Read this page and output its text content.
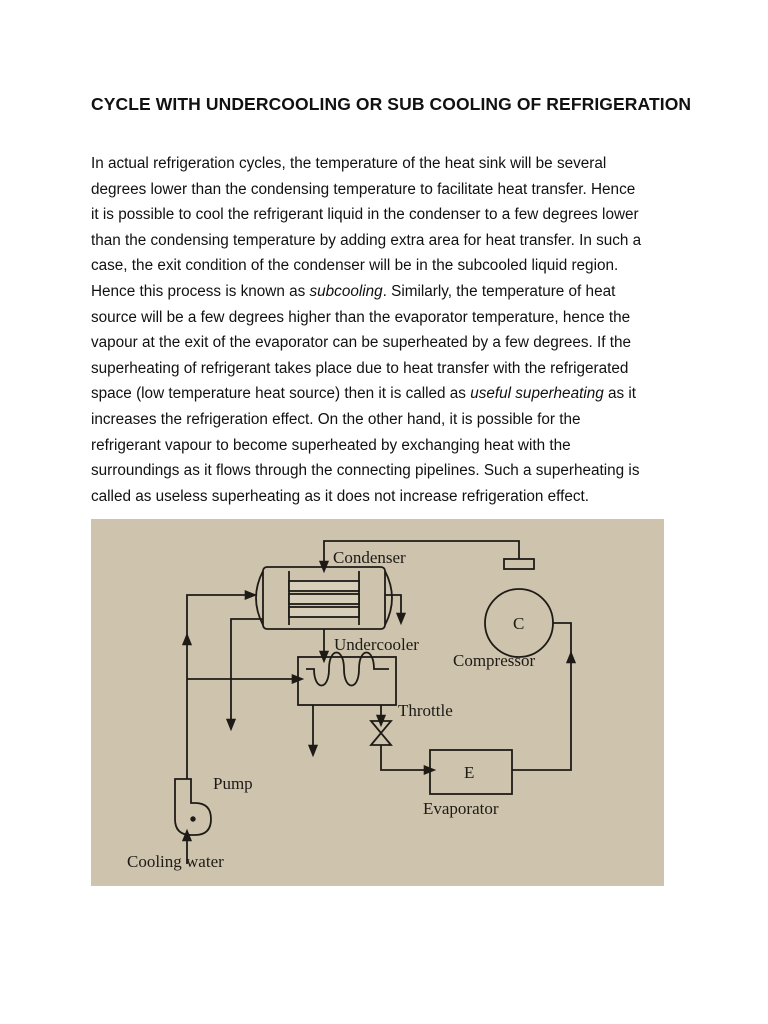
CYCLE WITH UNDERCOOLING OR SUB COOLING OF REFRIGERATION
In actual refrigeration cycles, the temperature of the heat sink will be several
degrees lower than the condensing temperature to facilitate heat transfer. Hence
it is possible to cool the refrigerant liquid in the condenser to a few degrees lower
than the condensing temperature by adding extra area for heat transfer. In such a
case, the exit condition of the condenser will be in the subcooled liquid region.
Hence this process is known as subcooling. Similarly, the temperature of heat
source will be a few degrees higher than the evaporator temperature, hence the
vapour at the exit of the evaporator can be superheated by a few degrees. If the
superheating of refrigerant takes place due to heat transfer with the refrigerated
space (low temperature heat source) then it is called as useful superheating as it
increases the refrigeration effect. On the other hand, it is possible for the
refrigerant vapour to become superheated by exchanging heat with the
surroundings as it flows through the connecting pipelines. Such a superheating is
called as useless superheating as it does not increase refrigeration effect.
Condenser
C
Compressor
Undercooler
Throttle
E
Evaporator
Pump
Cooling water
